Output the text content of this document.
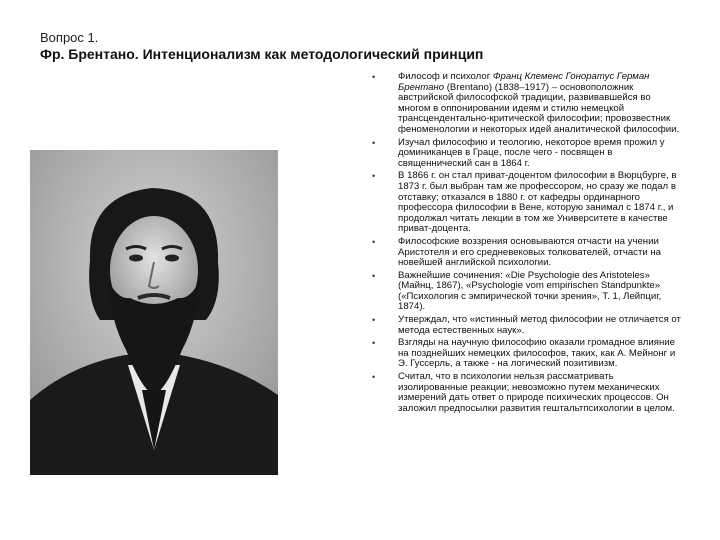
Вопрос 1.
Фр. Брентано. Интенционализм как методологический принцип
• Философ и психолог Франц Клеменс Гоноратус Герман Брентано (Brentano) (1838–1917) – основоположник австрийской философской традиции, развивавшейся во многом в оппонировании идеям и стилю немецкой трансцендентально-критической философии; провозвестник феноменологии и некоторых идей аналитической философии.
• Изучал философию и теологию, некоторое время прожил у доминиканцев в Граце, после чего - посвящен в священнический сан в 1864 г.
• В 1866 г. он стал приват-доцентом философии в Вюрцбурге, в 1873 г. был выбран там же профессором, но сразу же подал в отставку; отказался в 1880 г. от кафедры ординарного профессора философии в Вене, которую занимал с 1874 г., и продолжал читать лекции в том же Университете в качестве приват-доцента.
• Философские воззрения основываются отчасти на учении Аристотеля и его средневековых толкователей, отчасти на новейшей английской психологии.
• Важнейшие сочинения: «Die Psychologie des Aristoteles» (Майнц, 1867), «Psychologie vom empirischen Standpunkte» («Психология с эмпирической точки зрения», Т. 1, Лейпциг, 1874).
• Утверждал, что «истинный метод философии не отличается от метода естественных наук».
• Взгляды на научную философию оказали громадное влияние на позднейших немецких философов, таких, как А. Мейнонг и Э. Гуссерль, а также - на логический позитивизм.
• Считал, что в психологии нельзя рассматривать изолированные реакции; невозможно путем механических измерений дать ответ о природе психических процессов. Он заложил предпосылки развития гештальтпсихологии в целом.
